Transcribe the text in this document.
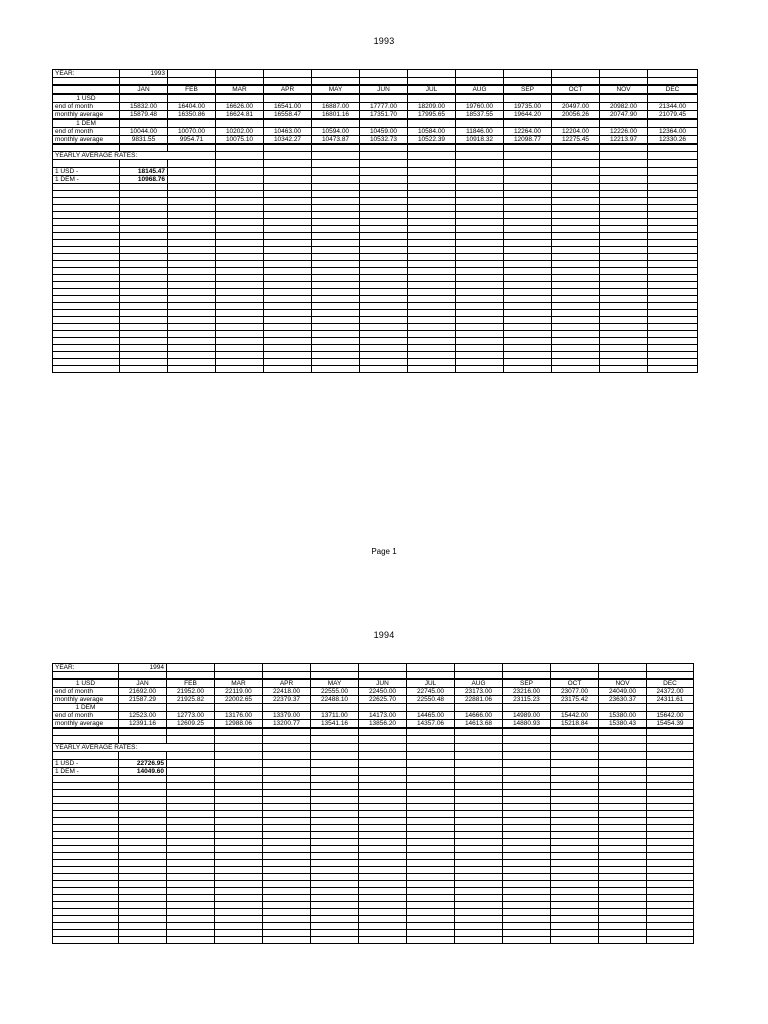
1993
YEAR:	1993											

	JAN	FEB	MAR	APR	MAY	JUN	JUL	AUG	SEP	OCT	NOV	DEC
1 USD												
end of month	15832.00	16404.00	16626.00	16541.00	16887.00	17777.00	18209.00	19760.00	19735.00	20497.00	20982.00	21344.00
monthly average	15879.48	16350.86	16624.81	16558.47	16801.16	17351.70	17995.65	18537.55	19644.20	20056.26	20747.90	21079.45
1 DEM												
end of month	10044.00	10070.00	10202.00	10463.00	10594.00	10459.00	10584.00	11846.00	12264.00	12204.00	12226.00	12364.00
monthly average	9831.55	9954.71	10075.10	10342.27	10473.87	10532.73	10522.39	10918.32	12098.77	12275.45	12213.97	12330.26

YEARLY AVERAGE RATES:												

1 USD -	18145.47											
1 DEM -	10968.76											

Page 1
1994
YEAR:	1994											

1 USD	JAN	FEB	MAR	APR	MAY	JUN	JUL	AUG	SEP	OCT	NOV	DEC
end of month	21692.00	21952.00	22119.00	22418.00	22555.00	22450.00	22745.00	23173.00	23216.00	23077.00	24049.00	24372.00
monthly average	21587.29	21925.82	22002.65	22379.37	22488.10	22625.70	22550.48	22881.06	23115.23	23175.42	23630.37	24311.61
1 DEM												
end of month	12523.00	12773.00	13176.00	13379.00	13711.00	14173.00	14465.00	14666.00	14989.00	15442.00	15380.00	15642.00
monthly average	12391.16	12609.25	12988.06	13200.77	13541.16	13856.20	14357.06	14613.68	14880.93	15218.84	15380.43	15454.39

YEARLY AVERAGE RATES:												

1 USD -	22726.95											
1 DEM -	14049.60											
